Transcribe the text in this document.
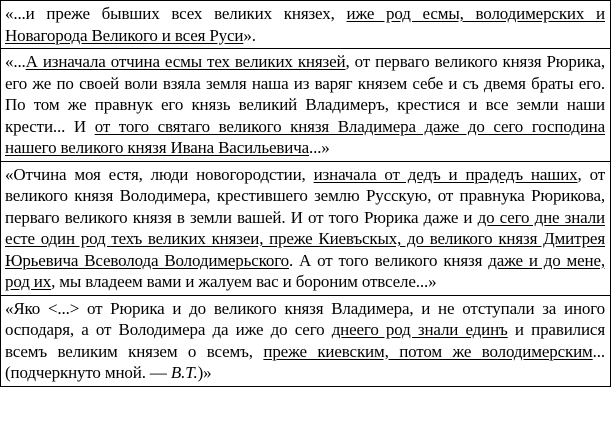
«...и преже бывших всех великих князех, иже род есмы, володимерских и Новагорода Великого и всея Руси».
«...А изначала отчина есмы тех великих князей, от перваго великого князя Рюрика, его же по своей воли взяла земля наша из варяг князем себе и съ двемя браты его. По том же правнук его князь великий Владимеръ, крестися и все земли наши крести... И от того святаго великого князя Владимера даже до сего господина нашего великого князя Ивана Васильевича...»
«Отчина моя естя, люди новогородстии, изначала от дедъ и прадедъ наших, от великого князя Володимера, крестившего землю Русскую, от правнука Рюрикова, перваго великого князя в земли вашей. И от того Рюрика даже и до сего дне знали есте один род техъ великих князеи, преже Киевъскых, до великого князя Дмитрея Юрьевича Всеволода Володимерьского. А от того великого князя даже и до мене, род их, мы владеем вами и жалуем вас и бороним отвселе...»
«Яко <...> от Рюрика и до великого князя Владимера, и не отступали за иного осподаря, а от Володимера да иже до сего днеего род знали единъ и правилися всемъ великим князем о всемъ, преже киевским, потом же володимерским... (подчеркнуто мной. — В.Т.)»
